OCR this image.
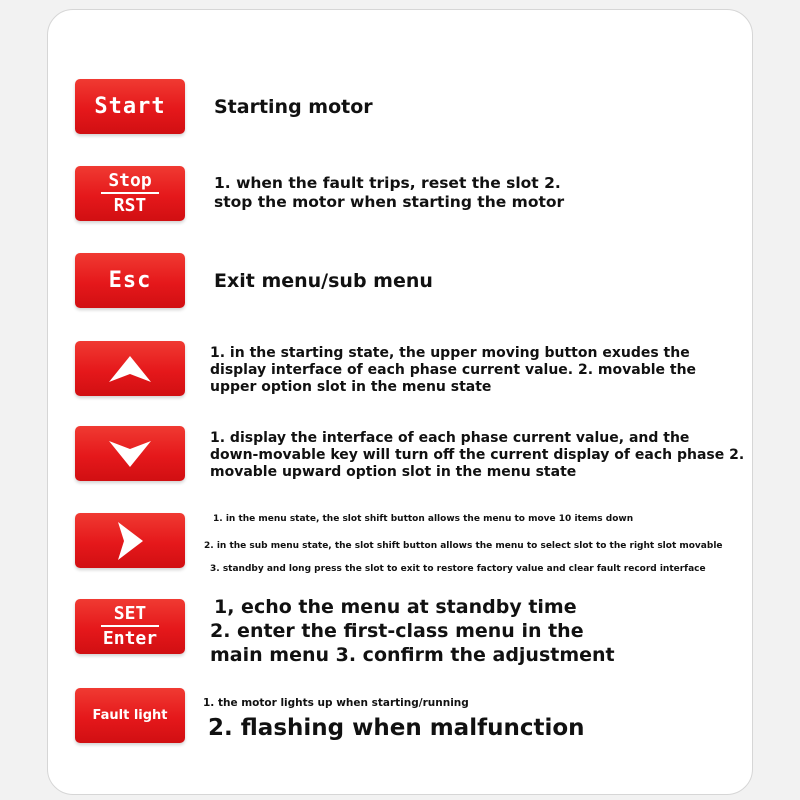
Start	Starting motor
Stop
RST
1. when the fault trips, reset the slot 2.
stop the motor when starting the motor
Esc	Exit menu/sub menu
1. in the starting state, the upper moving button exudes the
display interface of each phase current value. 2. movable the
upper option slot in the menu state
1. display the interface of each phase current value, and the
down-movable key will turn off the current display of each phase 2.
movable upward option slot in the menu state
1. in the menu state, the slot shift button allows the menu to move 10 items down
2. in the sub menu state, the slot shift button allows the menu to select slot to the right slot movable
3. standby and long press the slot to exit to restore factory value and clear fault record interface
SET
Enter
1, echo the menu at standby time
2. enter the first-class menu in the
main menu 3. confirm the adjustment
Fault light
1. the motor lights up when starting/running
2. flashing when malfunction
